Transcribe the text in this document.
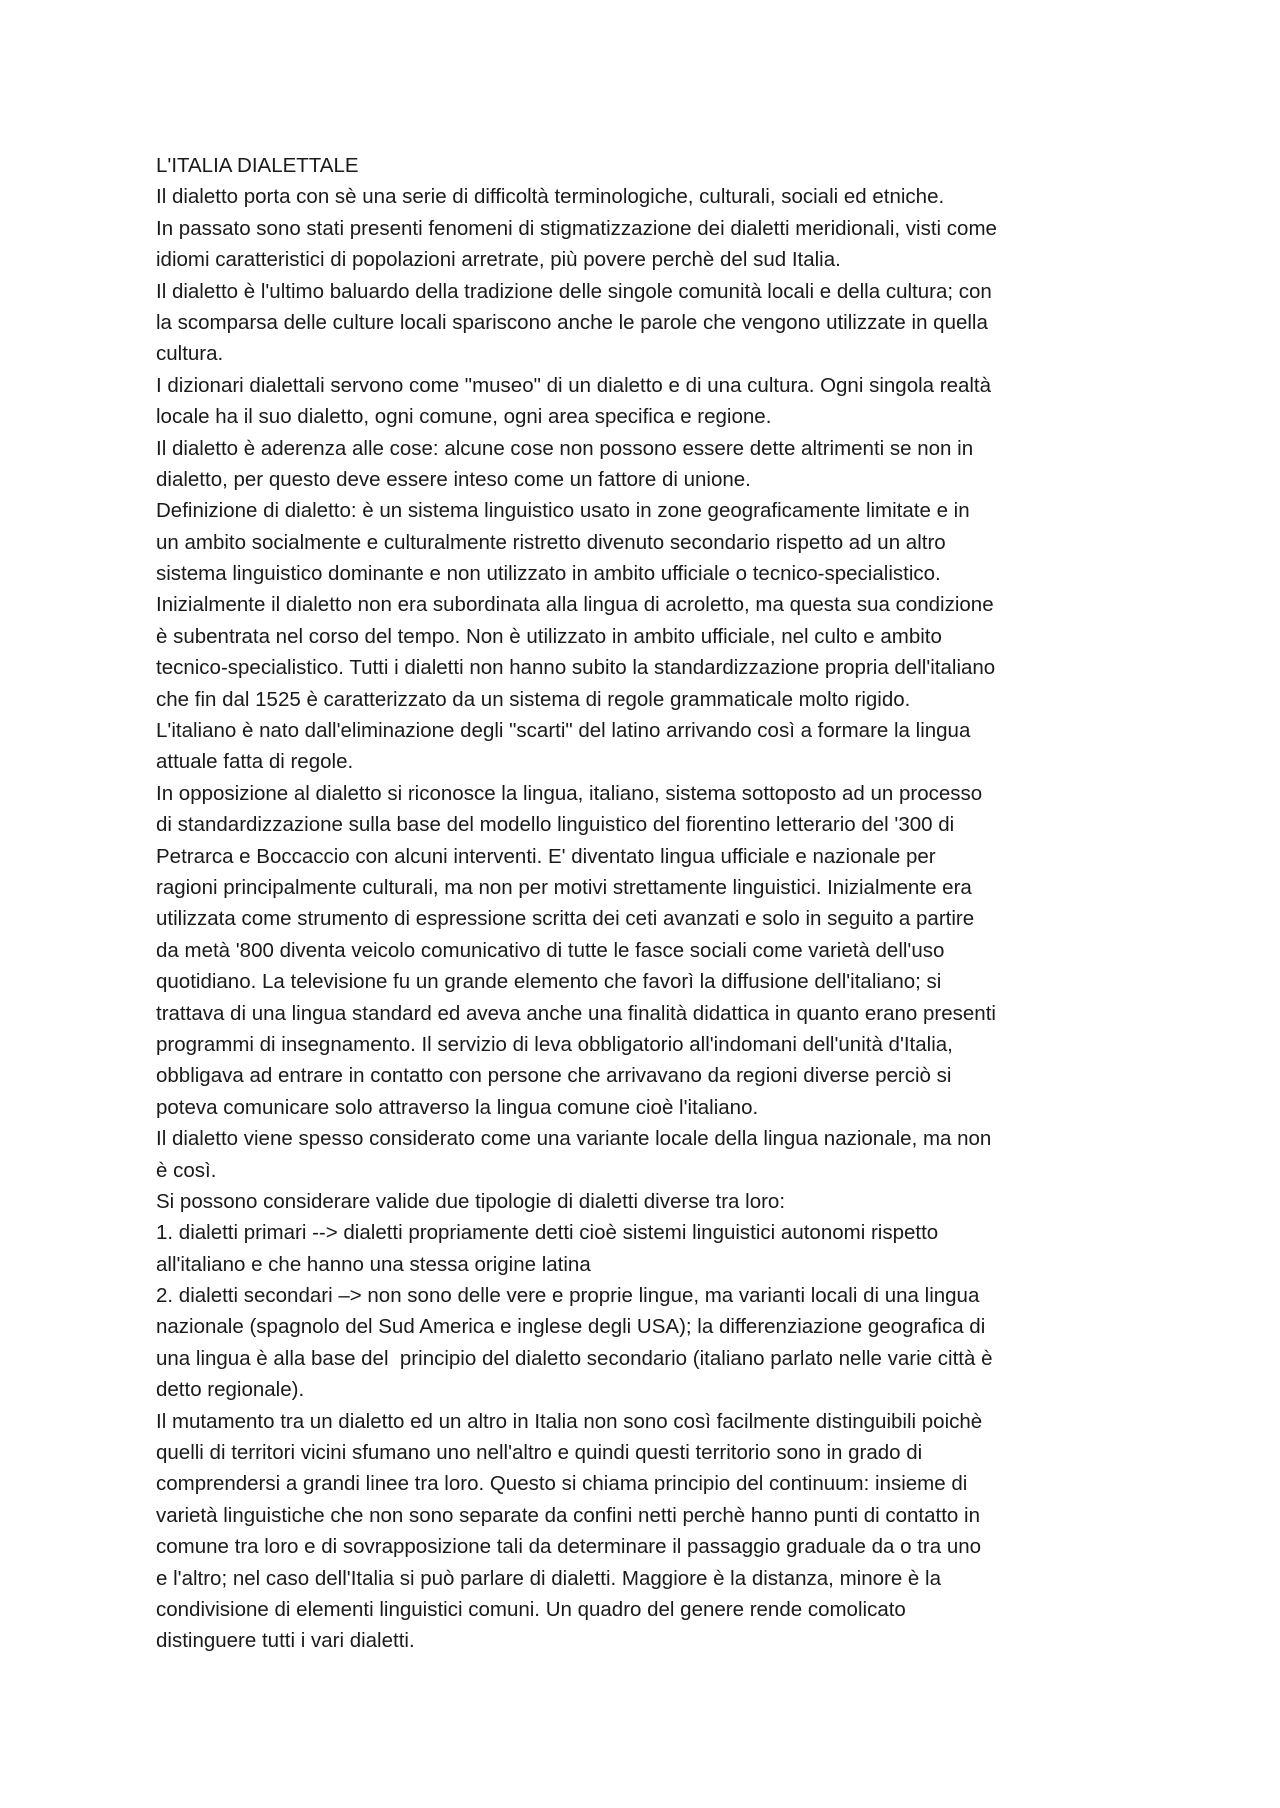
L'ITALIA DIALETTALE
Il dialetto porta con sè una serie di difficoltà terminologiche, culturali, sociali ed etniche.
In passato sono stati presenti fenomeni di stigmatizzazione dei dialetti meridionali, visti come
idiomi caratteristici di popolazioni arretrate, più povere perchè del sud Italia.
Il dialetto è l'ultimo baluardo della tradizione delle singole comunità locali e della cultura; con
la scomparsa delle culture locali spariscono anche le parole che vengono utilizzate in quella
cultura.
I dizionari dialettali servono come "museo" di un dialetto e di una cultura. Ogni singola realtà
locale ha il suo dialetto, ogni comune, ogni area specifica e regione.
Il dialetto è aderenza alle cose: alcune cose non possono essere dette altrimenti se non in
dialetto, per questo deve essere inteso come un fattore di unione.
Definizione di dialetto: è un sistema linguistico usato in zone geograficamente limitate e in
un ambito socialmente e culturalmente ristretto divenuto secondario rispetto ad un altro
sistema linguistico dominante e non utilizzato in ambito ufficiale o tecnico-specialistico.
Inizialmente il dialetto non era subordinata alla lingua di acroletto, ma questa sua condizione
è subentrata nel corso del tempo. Non è utilizzato in ambito ufficiale, nel culto e ambito
tecnico-specialistico. Tutti i dialetti non hanno subito la standardizzazione propria dell'italiano
che fin dal 1525 è caratterizzato da un sistema di regole grammaticale molto rigido.
L'italiano è nato dall'eliminazione degli "scarti" del latino arrivando così a formare la lingua
attuale fatta di regole.
In opposizione al dialetto si riconosce la lingua, italiano, sistema sottoposto ad un processo
di standardizzazione sulla base del modello linguistico del fiorentino letterario del '300 di
Petrarca e Boccaccio con alcuni interventi. E' diventato lingua ufficiale e nazionale per
ragioni principalmente culturali, ma non per motivi strettamente linguistici. Inizialmente era
utilizzata come strumento di espressione scritta dei ceti avanzati e solo in seguito a partire
da metà '800 diventa veicolo comunicativo di tutte le fasce sociali come varietà dell'uso
quotidiano. La televisione fu un grande elemento che favorì la diffusione dell'italiano; si
trattava di una lingua standard ed aveva anche una finalità didattica in quanto erano presenti
programmi di insegnamento. Il servizio di leva obbligatorio all'indomani dell'unità d'Italia,
obbligava ad entrare in contatto con persone che arrivavano da regioni diverse perciò si
poteva comunicare solo attraverso la lingua comune cioè l'italiano.
Il dialetto viene spesso considerato come una variante locale della lingua nazionale, ma non
è così.
Si possono considerare valide due tipologie di dialetti diverse tra loro:
1. dialetti primari --> dialetti propriamente detti cioè sistemi linguistici autonomi rispetto
all'italiano e che hanno una stessa origine latina
2. dialetti secondari –> non sono delle vere e proprie lingue, ma varianti locali di una lingua
nazionale (spagnolo del Sud America e inglese degli USA); la differenziazione geografica di
una lingua è alla base del  principio del dialetto secondario (italiano parlato nelle varie città è
detto regionale).
Il mutamento tra un dialetto ed un altro in Italia non sono così facilmente distinguibili poichè
quelli di territori vicini sfumano uno nell'altro e quindi questi territorio sono in grado di
comprendersi a grandi linee tra loro. Questo si chiama principio del continuum: insieme di
varietà linguistiche che non sono separate da confini netti perchè hanno punti di contatto in
comune tra loro e di sovrapposizione tali da determinare il passaggio graduale da o tra uno
e l'altro; nel caso dell'Italia si può parlare di dialetti. Maggiore è la distanza, minore è la
condivisione di elementi linguistici comuni. Un quadro del genere rende comolicato
distinguere tutti i vari dialetti.
